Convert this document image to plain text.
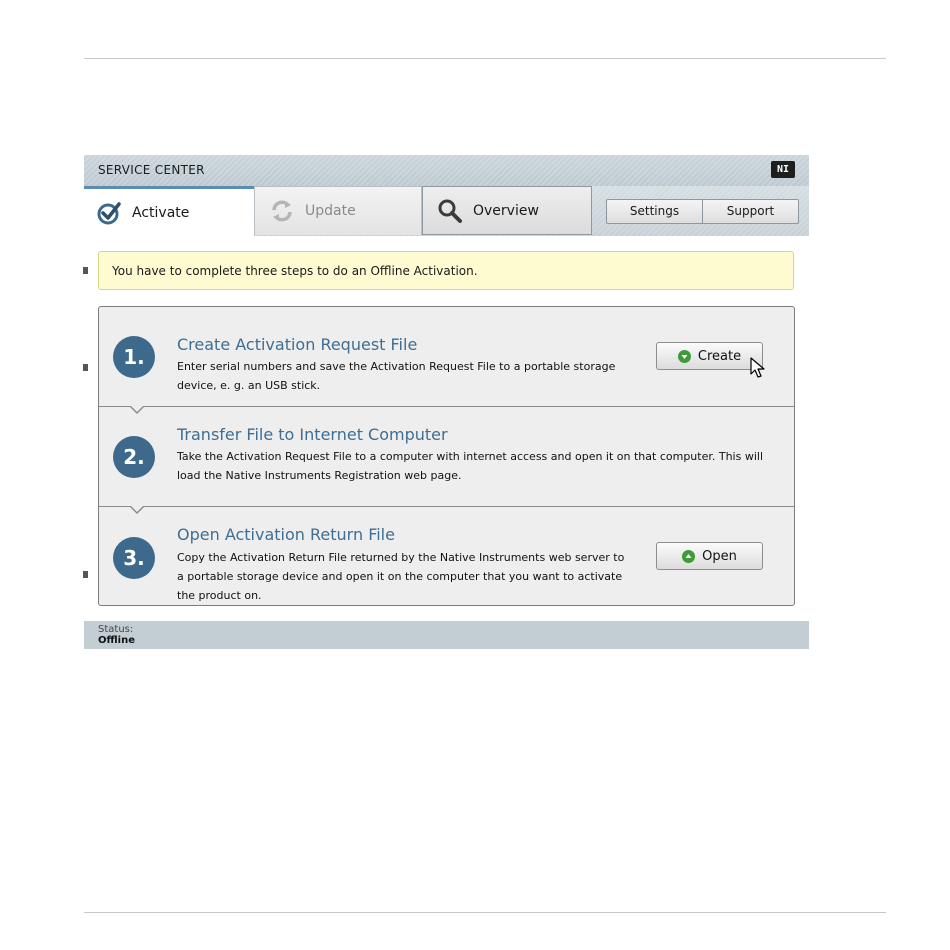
SERVICE CENTER	NI
Activate	Update	Overview	Settings	Support
You have to complete three steps to do an Offline Activation.
1.
Create Activation Request File
Enter serial numbers and save the Activation Request File to a portable storage device, e. g. an USB stick.
Create
2.
Transfer File to Internet Computer
Take the Activation Request File to a computer with internet access and open it on that computer. This will load the Native Instruments Registration web page.
3.
Open Activation Return File
Copy the Activation Return File returned by the Native Instruments web server to a portable storage device and open it on the computer that you want to activate the product on.
Open
Status:
Offline
